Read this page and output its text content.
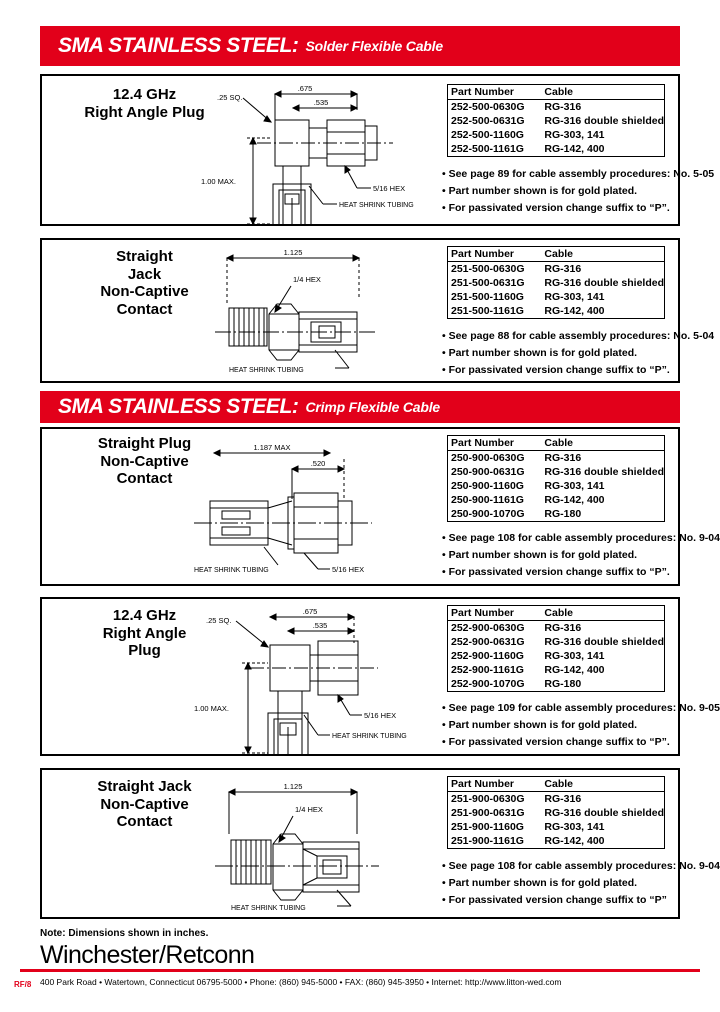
SMA STAINLESS STEEL: Solder Flexible Cable
12.4 GHz
Right Angle Plug
.675
.535
.25 SQ.
1.00 MAX.
5/16 HEX
HEAT SHRINK TUBING
Part Number	Cable
252-500-0630G	RG-316
252-500-0631G	RG-316 double shielded
252-500-1160G	RG-303, 141
252-500-1161G	RG-142, 400
• See page 89 for cable assembly procedures: No. 5-05
• Part number shown is for gold plated.
• For passivated version change suffix to “P”.
Straight
Jack
Non-Captive
Contact
1.125
1/4 HEX
HEAT SHRINK TUBING
Part Number	Cable
251-500-0630G	RG-316
251-500-0631G	RG-316 double shielded
251-500-1160G	RG-303, 141
251-500-1161G	RG-142, 400
• See page 88 for cable assembly procedures: No. 5-04
• Part number shown is for gold plated.
• For passivated version change suffix to “P”.
SMA STAINLESS STEEL: Crimp Flexible Cable
Straight Plug
Non-Captive
Contact
1.187 MAX
.520
5/16 HEX
HEAT SHRINK TUBING
Part Number	Cable
250-900-0630G	RG-316
250-900-0631G	RG-316 double shielded
250-900-1160G	RG-303, 141
250-900-1161G	RG-142, 400
250-900-1070G	RG-180
• See page 108 for cable assembly procedures: No. 9-04
• Part number shown is for gold plated.
• For passivated version change suffix to “P”.
12.4 GHz
Right Angle
Plug
.675
.535
.25 SQ.
1.00 MAX.
5/16 HEX
HEAT SHRINK TUBING
Part Number	Cable
252-900-0630G	RG-316
252-900-0631G	RG-316 double shielded
252-900-1160G	RG-303, 141
252-900-1161G	RG-142, 400
252-900-1070G	RG-180
• See page 109 for cable assembly procedures: No. 9-05
• Part number shown is for gold plated.
• For passivated version change suffix to “P”.
Straight Jack
Non-Captive
Contact
1.125
1/4 HEX
HEAT SHRINK TUBING
Part Number	Cable
251-900-0630G	RG-316
251-900-0631G	RG-316 double shielded
251-900-1160G	RG-303, 141
251-900-1161G	RG-142, 400
• See page 108 for cable assembly procedures: No. 9-04
• Part number shown is for gold plated.
• For passivated version change suffix to “P”
Note: Dimensions shown in inches.
Winchester/Retconn
400 Park Road • Watertown, Connecticut 06795-5000 • Phone: (860) 945-5000 • FAX: (860) 945-3950 • Internet: http://www.litton-wed.com
RF/8
